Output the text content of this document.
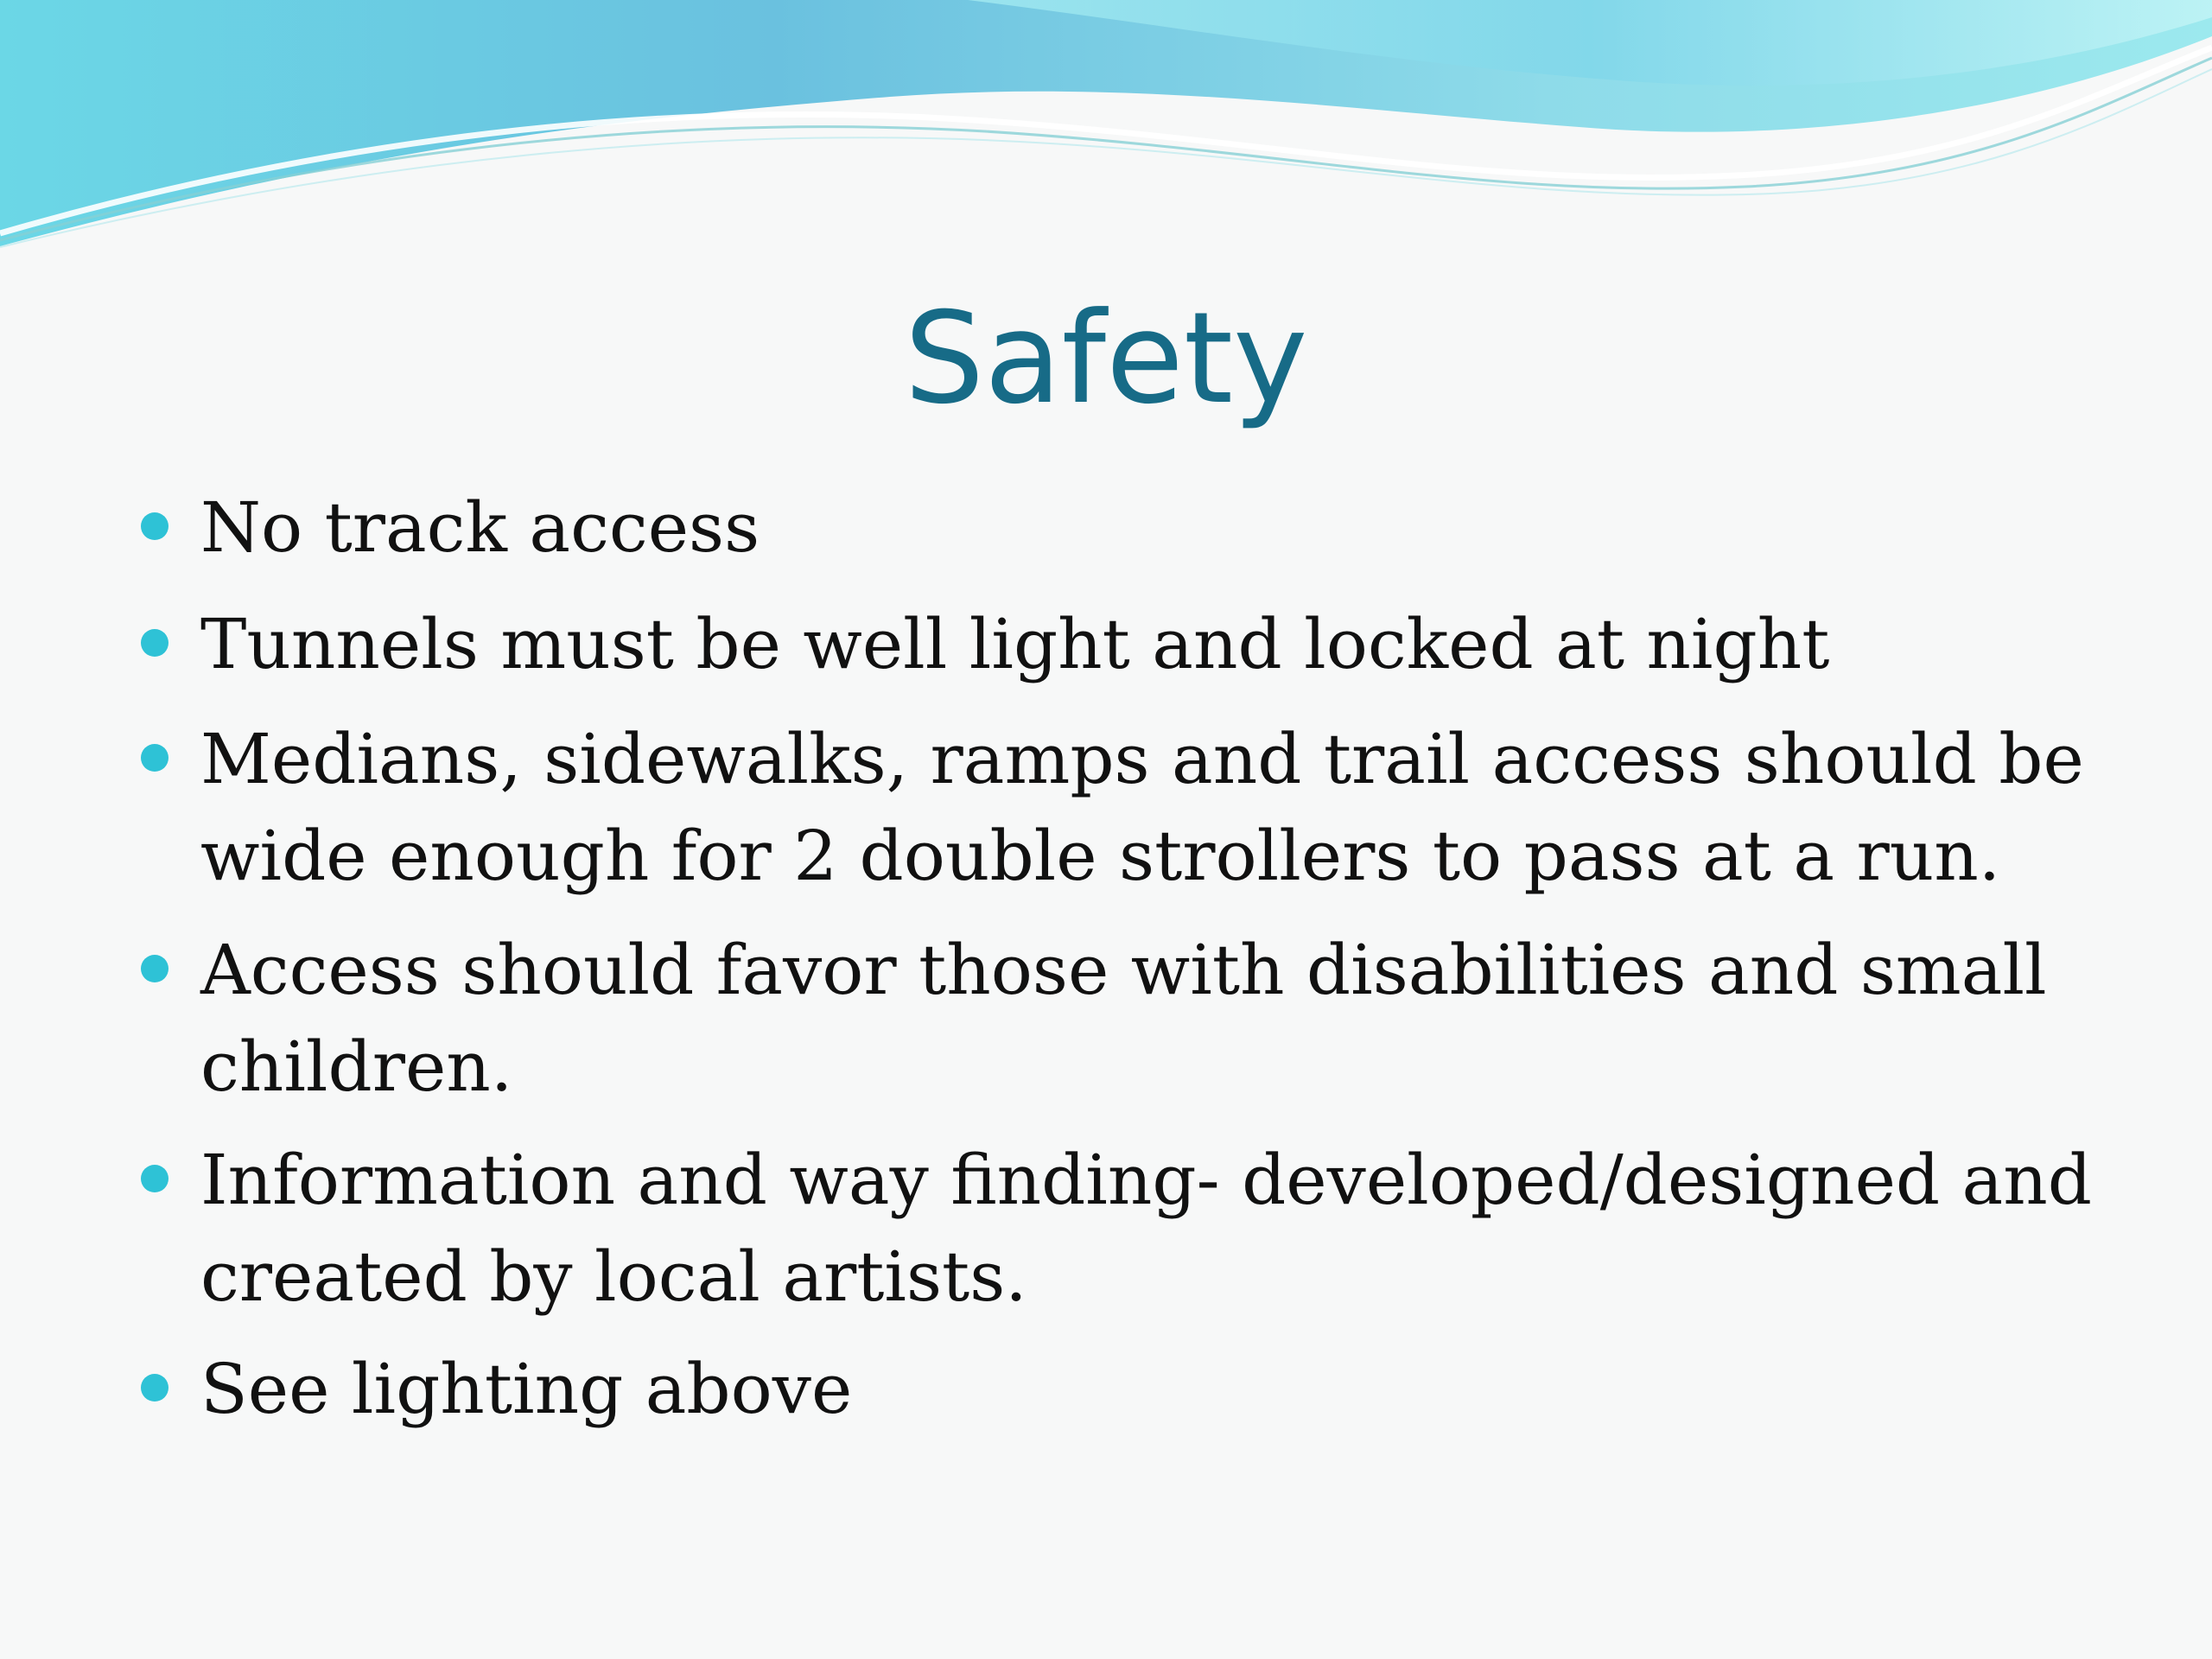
Safety
No track access
Tunnels must be well light and locked at night
Medians, sidewalks, ramps and trail access should be
wide enough for 2 double strollers to pass at a run.
Access should favor those with disabilities and small
children.
Information and way finding- developed/designed and
created by local artists.
See lighting above
